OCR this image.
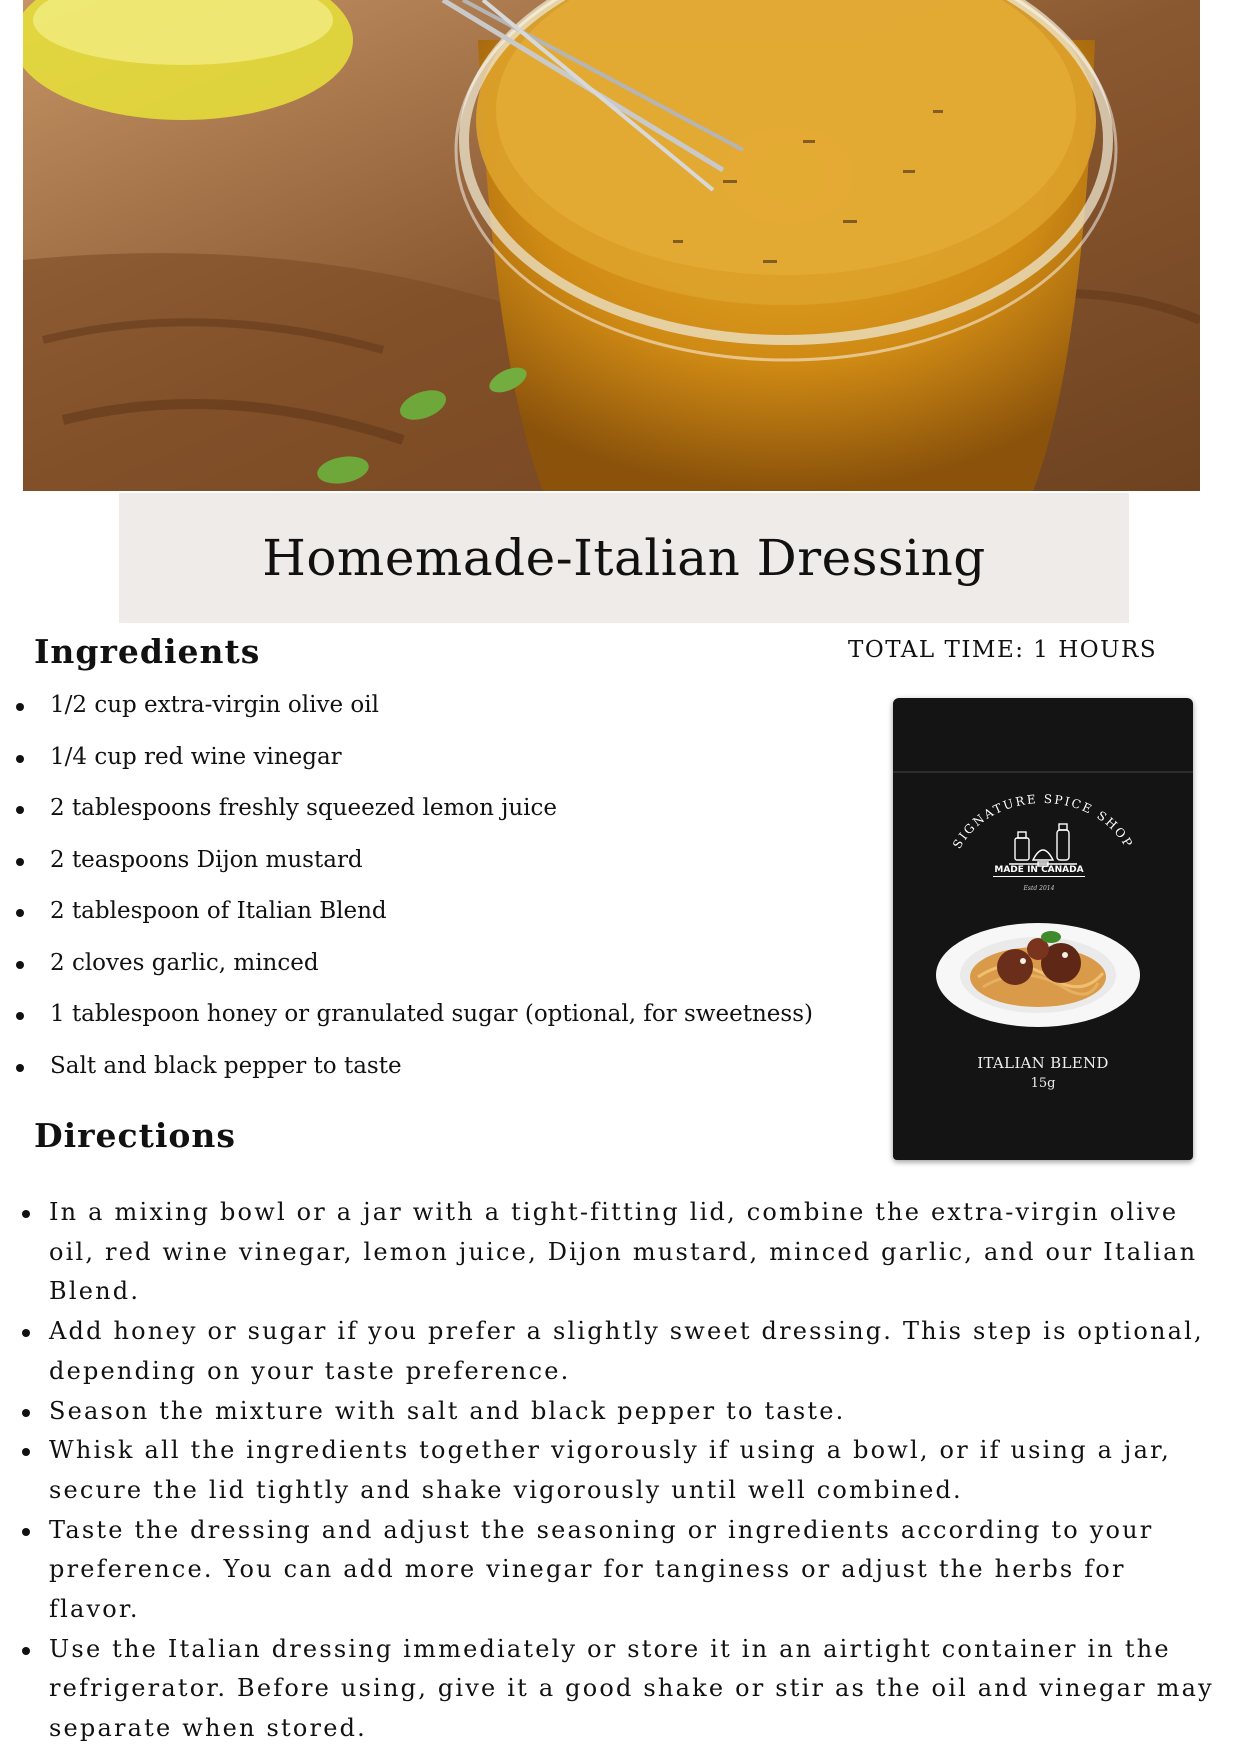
Homemade-Italian Dressing
Ingredients	TOTAL TIME: 1 HOURS
1/2 cup extra-virgin olive oil
1/4 cup red wine vinegar
2 tablespoons freshly squeezed lemon juice
2 teaspoons Dijon mustard
2 tablespoon of Italian Blend
2 cloves garlic, minced
1 tablespoon honey or granulated sugar (optional, for sweetness)
Salt and black pepper to taste
SIGNATURE SPICE SHOP
MADE IN CANADA
Estd 2014
ITALIAN BLEND
15g
Directions
In a mixing bowl or a jar with a tight-fitting lid, combine the extra-virgin olive oil, red wine vinegar, lemon juice, Dijon mustard, minced garlic, and our Italian Blend.
Add honey or sugar if you prefer a slightly sweet dressing. This step is optional, depending on your taste preference.
Season the mixture with salt and black pepper to taste.
Whisk all the ingredients together vigorously if using a bowl, or if using a jar, secure the lid tightly and shake vigorously until well combined.
Taste the dressing and adjust the seasoning or ingredients according to your preference. You can add more vinegar for tanginess or adjust the herbs for flavor.
Use the Italian dressing immediately or store it in an airtight container in the refrigerator. Before using, give it a good shake or stir as the oil and vinegar may separate when stored.
